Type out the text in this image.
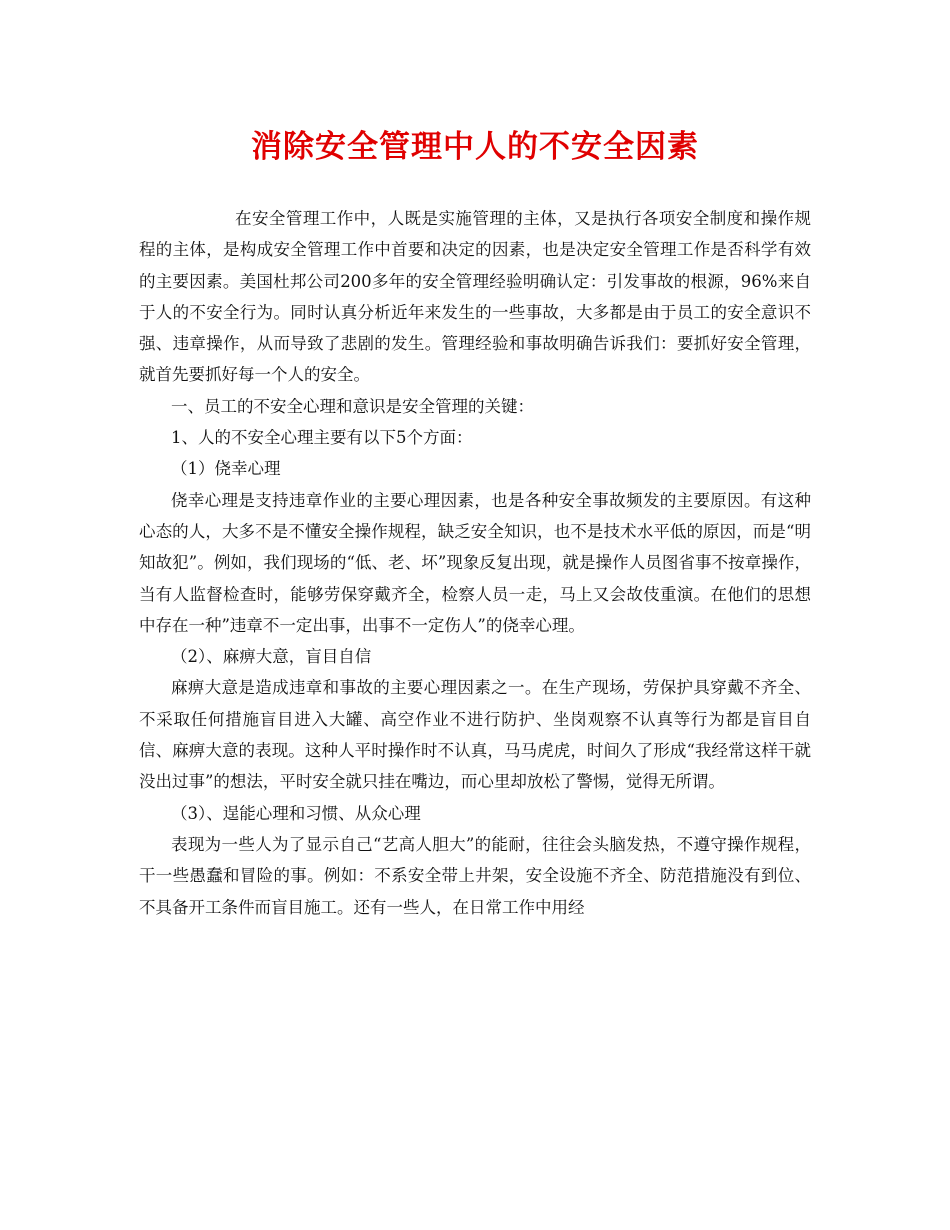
消除安全管理中人的不安全因素

在安全管理工作中，人既是实施管理的主体，又是执行各项安全制度和操作规程的主体，是构成安全管理工作中首要和决定的因素，也是决定安全管理工作是否科学有效的主要因素。美国杜邦公司200多年的安全管理经验明确认定：引发事故的根源，96%来自于人的不安全行为。同时认真分析近年来发生的一些事故，大多都是由于员工的安全意识不强、违章操作，从而导致了悲剧的发生。管理经验和事故明确告诉我们：要抓好安全管理，就首先要抓好每一个人的安全。

一、员工的不安全心理和意识是安全管理的关键：

1、人的不安全心理主要有以下5个方面：

（1）侥幸心理

侥幸心理是支持违章作业的主要心理因素，也是各种安全事故频发的主要原因。有这种心态的人，大多不是不懂安全操作规程，缺乏安全知识，也不是技术水平低的原因，而是“明知故犯”。例如，我们现场的“低、老、坏”现象反复出现，就是操作人员图省事不按章操作，当有人监督检查时，能够劳保穿戴齐全，检察人员一走，马上又会故伎重演。在他们的思想中存在一种”违章不一定出事，出事不一定伤人”的侥幸心理。

（2）、麻痹大意，盲目自信

麻痹大意是造成违章和事故的主要心理因素之一。在生产现场，劳保护具穿戴不齐全、不采取任何措施盲目进入大罐、高空作业不进行防护、坐岗观察不认真等行为都是盲目自信、麻痹大意的表现。这种人平时操作时不认真，马马虎虎，时间久了形成“我经常这样干就没出过事”的想法，平时安全就只挂在嘴边，而心里却放松了警惕，觉得无所谓。

（3）、逞能心理和习惯、从众心理

表现为一些人为了显示自己“艺高人胆大”的能耐，往往会头脑发热，不遵守操作规程，干一些愚蠢和冒险的事。例如：不系安全带上井架，安全设施不齐全、防范措施没有到位、不具备开工条件而盲目施工。还有一些人，在日常工作中用经
